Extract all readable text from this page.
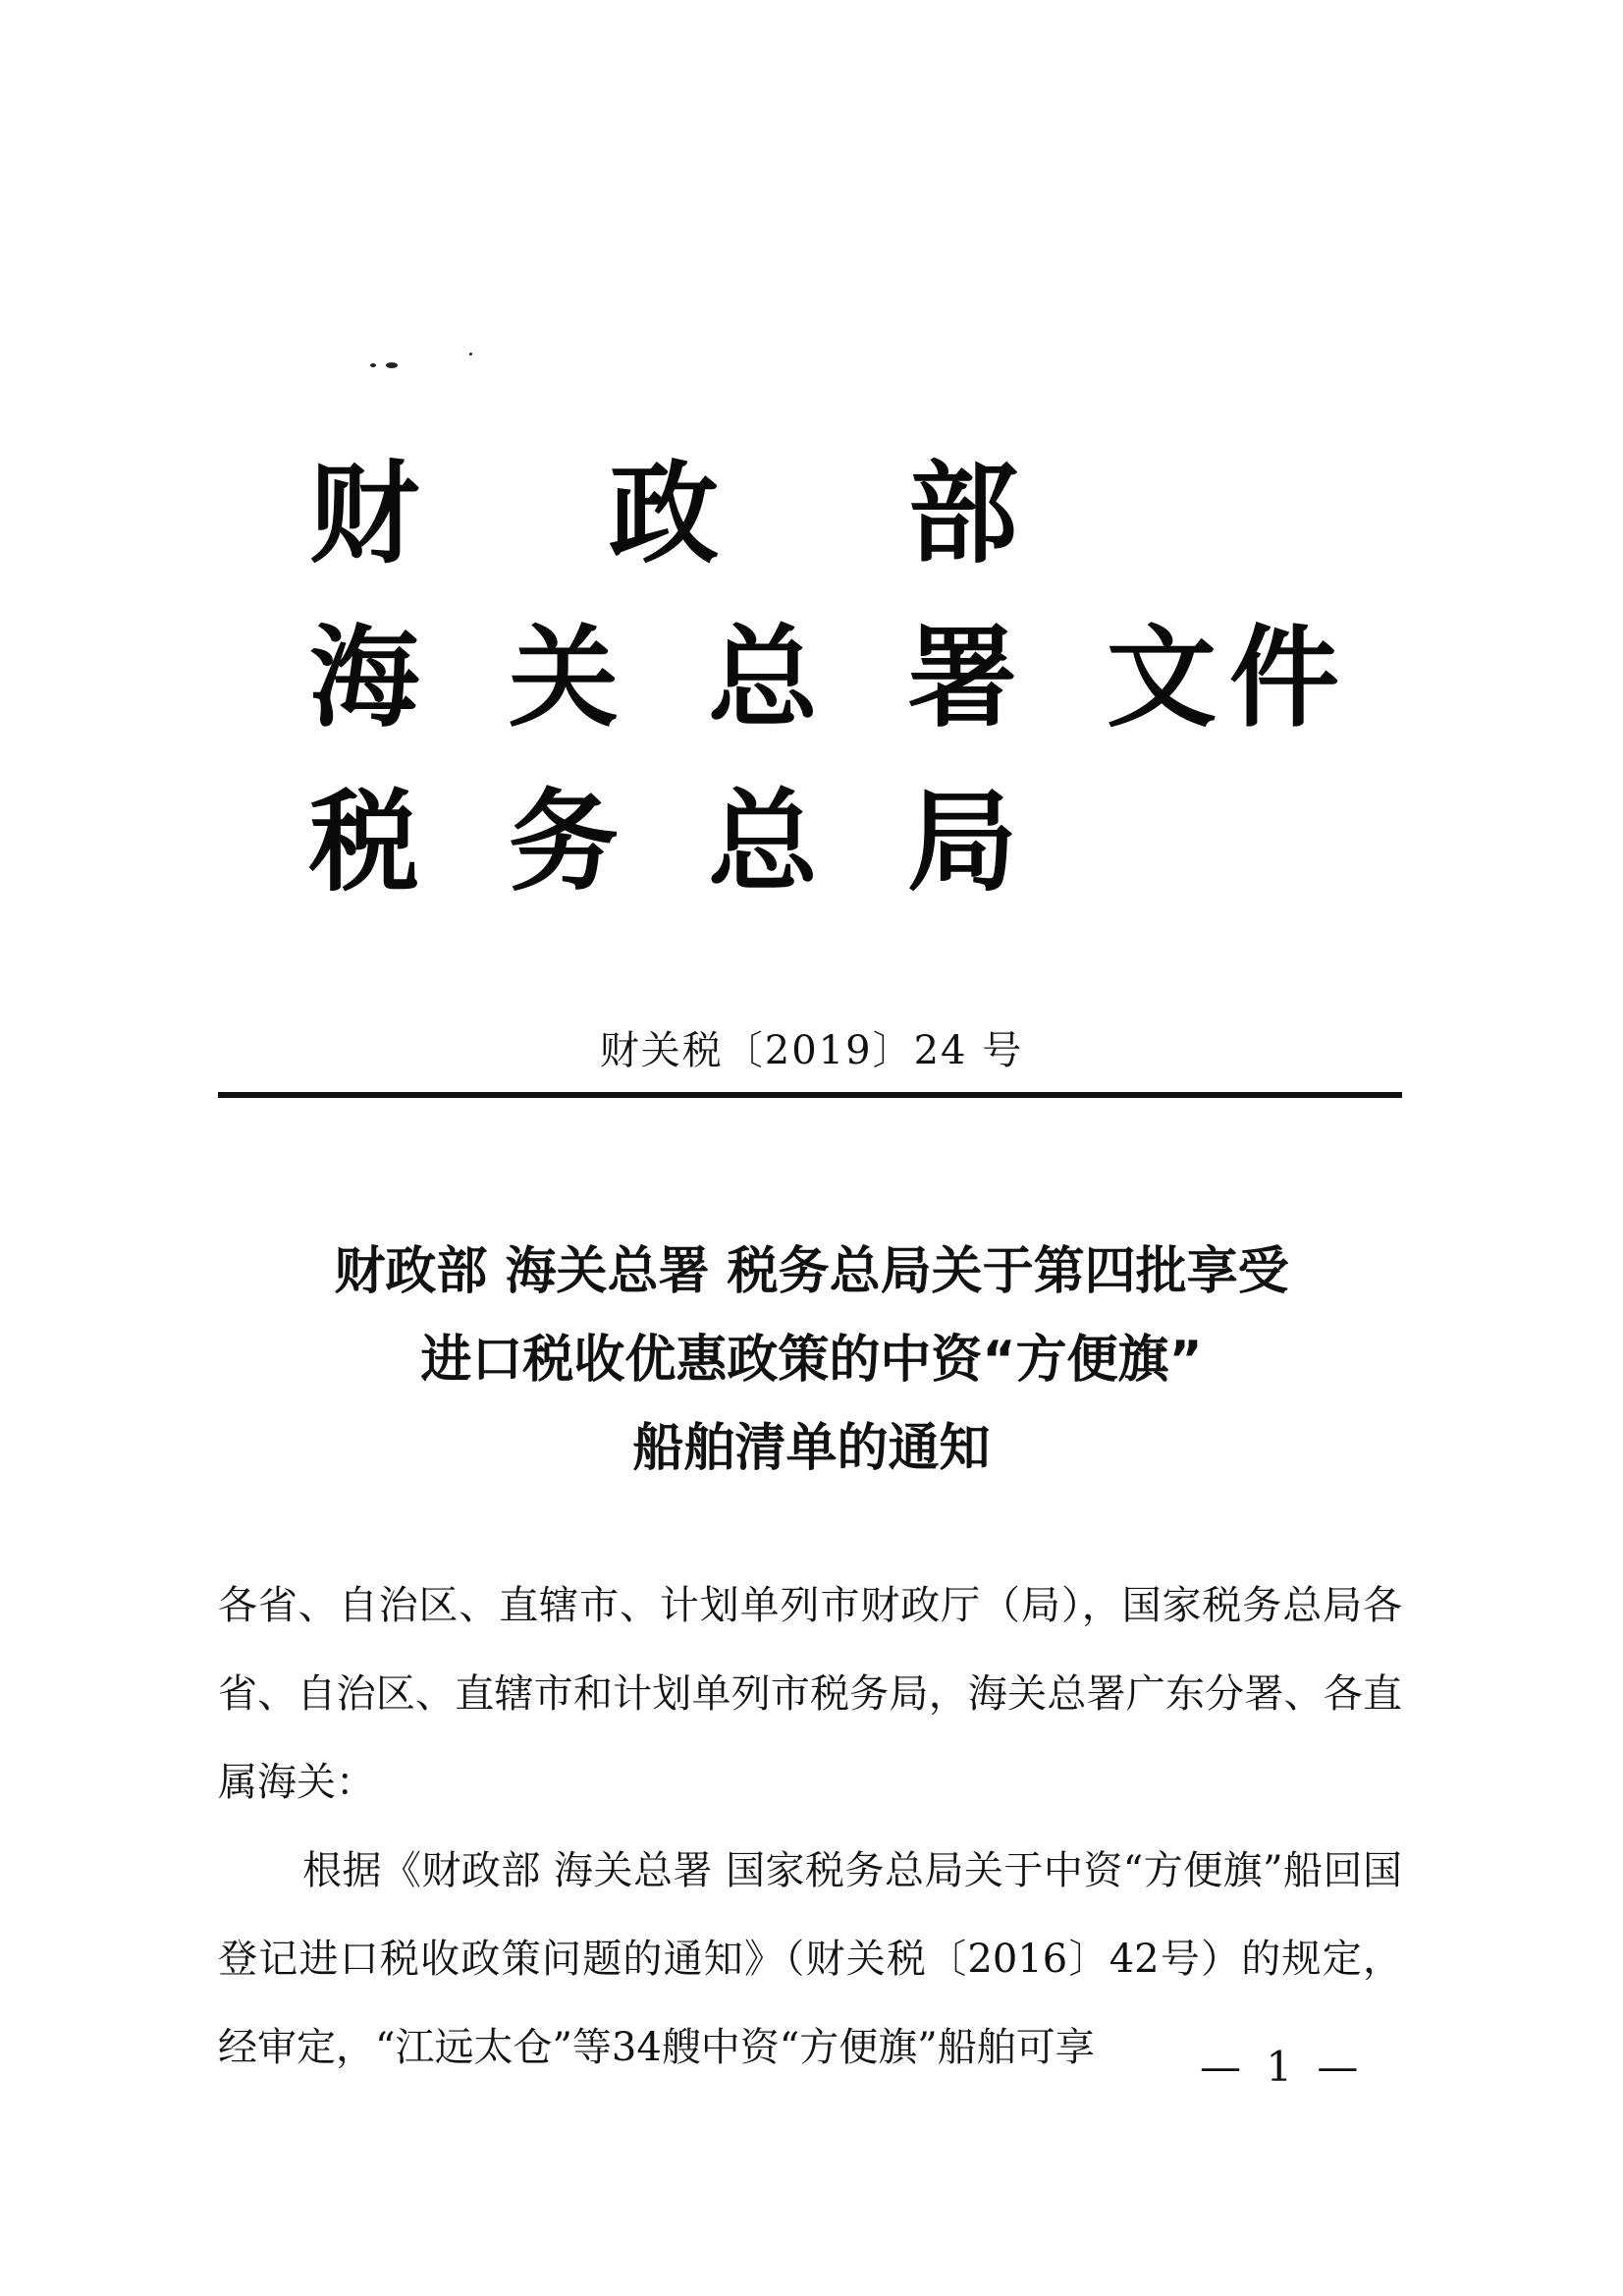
财	政	部
海 关 总 署 文 件
税 务 总 局
财关税〔2019〕24 号
财政部 海关总署 税务总局关于第四批享受
进口税收优惠政策的中资“方便旗”
船舶清单的通知

各省、自治区、直辖市、计划单列市财政厅（局），国家税务总局各省、自治区、直辖市和计划单列市税务局，海关总署广东分署、各直属海关：

根据《财政部 海关总署 国家税务总局关于中资“方便旗”船回国登记进口税收政策问题的通知》（财关税〔2016〕42号）的规定，经审定，“江远太仓”等34艘中资“方便旗”船舶可享	— 1 —
